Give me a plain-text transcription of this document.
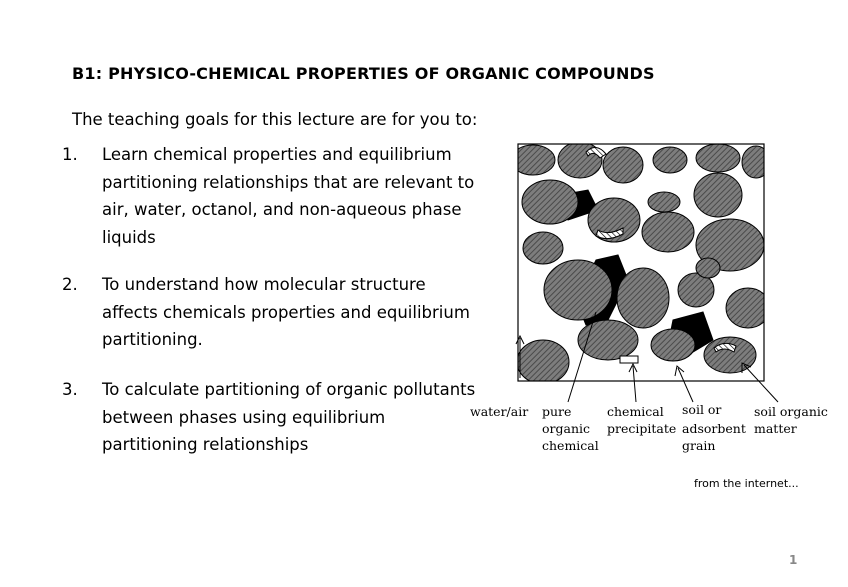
B1: PHYSICO-CHEMICAL PROPERTIES OF ORGANIC COMPOUNDS
The teaching goals for this lecture are for you to:
1. Learn chemical properties and equilibrium partitioning relationships that are relevant to air, water, octanol, and non-aqueous phase liquids
2. To understand how molecular structure affects chemicals properties and equilibrium partitioning.
3. To calculate partitioning of organic pollutants between phases using equilibrium partitioning relationships
water/air pure
organic
chemical
chemical
precipitate
soil or
adsorbent
grain
soil organic
matter
from the internet...
1
